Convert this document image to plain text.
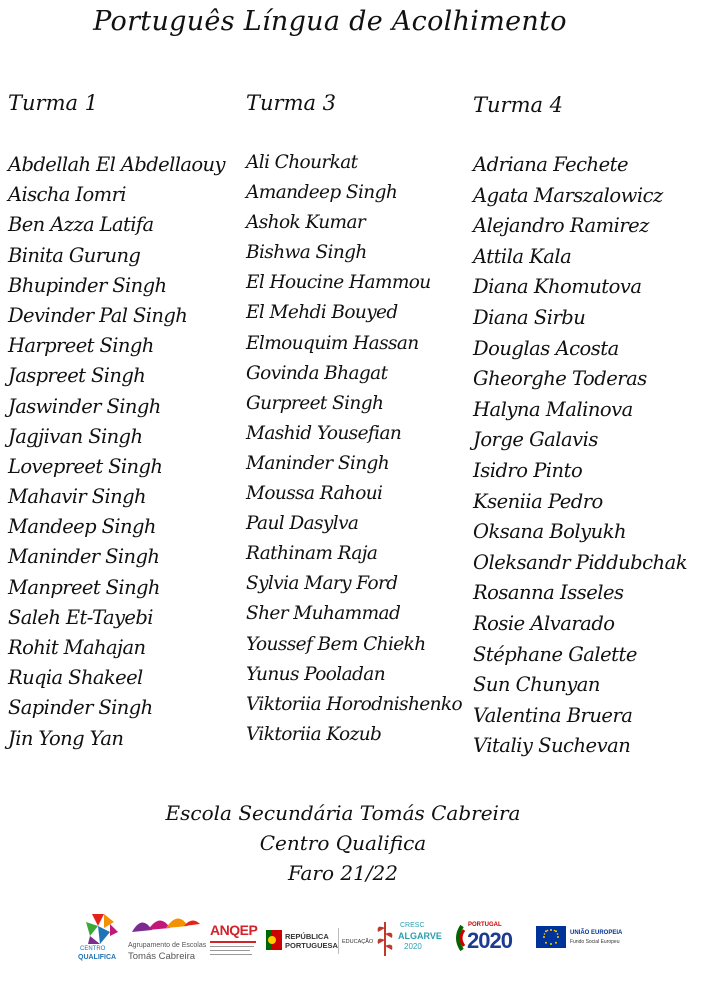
Português Língua de Acolhimento
Turma 1
Abdellah El Abdellaouy
Aischa Iomri
Ben Azza Latifa
Binita Gurung
Bhupinder Singh
Devinder Pal Singh
Harpreet Singh
Jaspreet Singh
Jaswinder Singh
Jagjivan Singh
Lovepreet Singh
Mahavir Singh
Mandeep Singh
Maninder Singh
Manpreet Singh
Saleh Et-Tayebi
Rohit Mahajan
Ruqia Shakeel
Sapinder Singh
Jin Yong Yan
Turma 3
Ali Chourkat
Amandeep Singh
Ashok Kumar
Bishwa Singh
El Houcine Hammou
El Mehdi Bouyed
Elmouquim Hassan
Govinda Bhagat
Gurpreet Singh
Mashid Yousefian
Maninder Singh
Moussa Rahoui
Paul Dasylva
Rathinam Raja
Sylvia Mary Ford
Sher Muhammad
Youssef Bem Chiekh
Yunus Pooladan
Viktoriia Horodnishenko
Viktoriia Kozub
Turma 4
Adriana Fechete
Agata Marszalowicz
Alejandro Ramirez
Attila Kala
Diana Khomutova
Diana Sirbu
Douglas Acosta
Gheorghe Toderas
Halyna Malinova
Jorge Galavis
Isidro Pinto
Kseniia Pedro
Oksana Bolyukh
Oleksandr Piddubchak
Rosanna Isseles
Rosie Alvarado
Stéphane Galette
Sun Chunyan
Valentina Bruera
Vitaliy Suchevan
Escola Secundária Tomás Cabreira
Centro Qualifica
Faro 21/22
CENTRO
QUALIFICA
Agrupamento de Escolas
Tomás Cabreira
ANQEP	REPÚBLICA
PORTUGUESA EDUCAÇÃO
CRESC
ALGARVE
2020
PORTUGAL
2020	UNIÃO EUROPEIA
Fundo Social Europeu
